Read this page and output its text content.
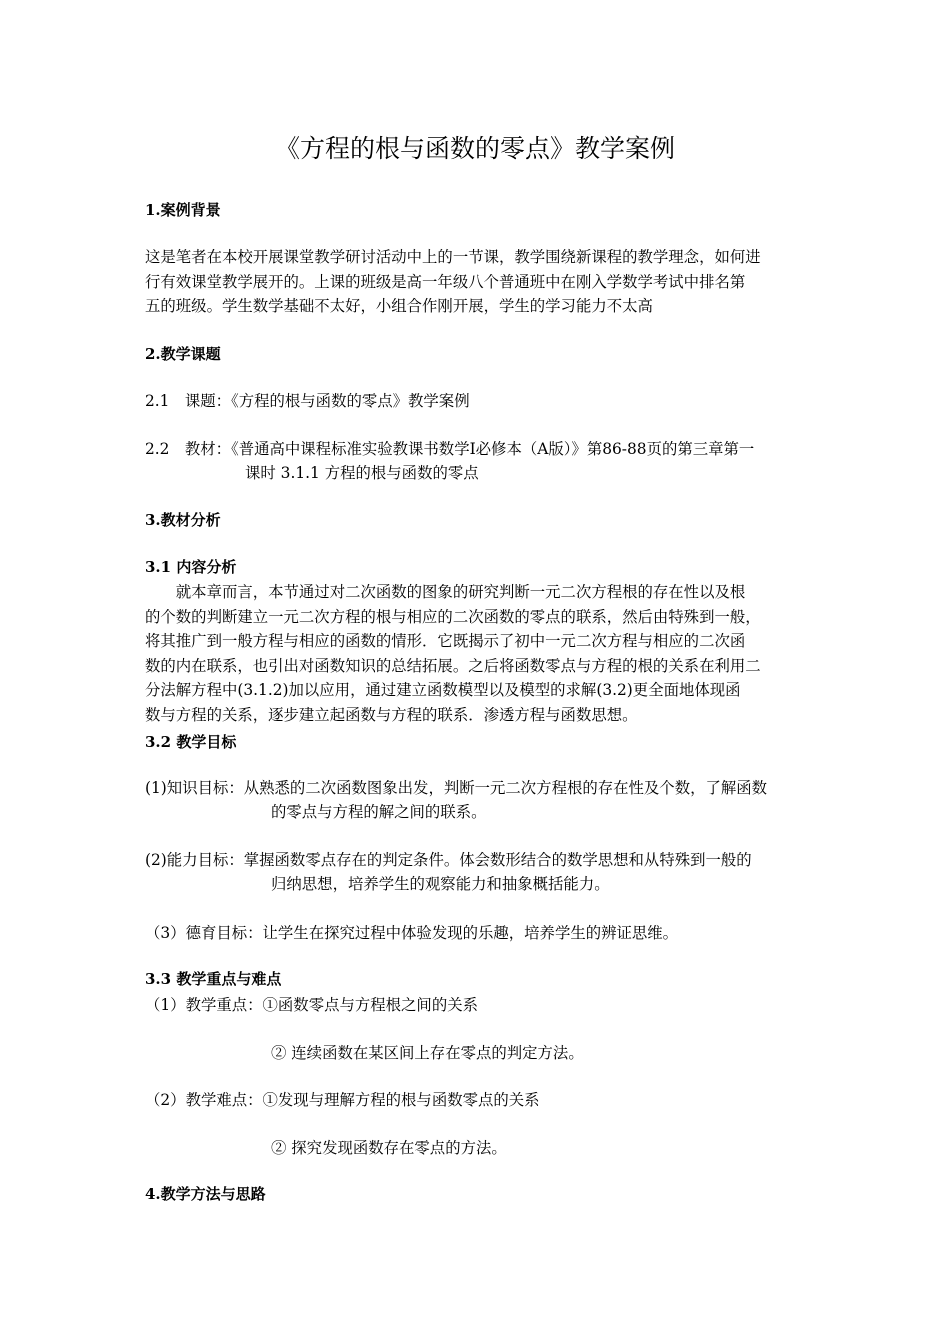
《方程的根与函数的零点》教学案例
1.案例背景
这是笔者在本校开展课堂教学研讨活动中上的一节课，教学围绕新课程的教学理念，如何进
行有效课堂教学展开的。上课的班级是高一年级八个普通班中在刚入学数学考试中排名第
五的班级。学生数学基础不太好，小组合作刚开展，学生的学习能力不太高
2.教学课题
2.1　课题：《方程的根与函数的零点》教学案例
2.2　教材：《普通高中课程标准实验教课书数学Ⅰ必修本（A版）》第86-88页的第三章第一
课时 3.1.1 方程的根与函数的零点
3.教材分析
3.1 内容分析
　　就本章而言，本节通过对二次函数的图象的研究判断一元二次方程根的存在性以及根
的个数的判断建立一元二次方程的根与相应的二次函数的零点的联系，然后由特殊到一般，
将其推广到一般方程与相应的函数的情形．它既揭示了初中一元二次方程与相应的二次函
数的内在联系，也引出对函数知识的总结拓展。之后将函数零点与方程的根的关系在利用二
分法解方程中(3.1.2)加以应用，通过建立函数模型以及模型的求解(3.2)更全面地体现函
数与方程的关系，逐步建立起函数与方程的联系．渗透方程与函数思想。
3.2 教学目标
(1)知识目标：从熟悉的二次函数图象出发，判断一元二次方程根的存在性及个数，了解函数
的零点与方程的解之间的联系。
(2)能力目标：掌握函数零点存在的判定条件。体会数形结合的数学思想和从特殊到一般的
归纳思想，培养学生的观察能力和抽象概括能力。
（3）德育目标：让学生在探究过程中体验发现的乐趣，培养学生的辨证思维。
3.3 教学重点与难点
（1）教学重点：①函数零点与方程根之间的关系
② 连续函数在某区间上存在零点的判定方法。
（2）教学难点：①发现与理解方程的根与函数零点的关系
② 探究发现函数存在零点的方法。
4.教学方法与思路
